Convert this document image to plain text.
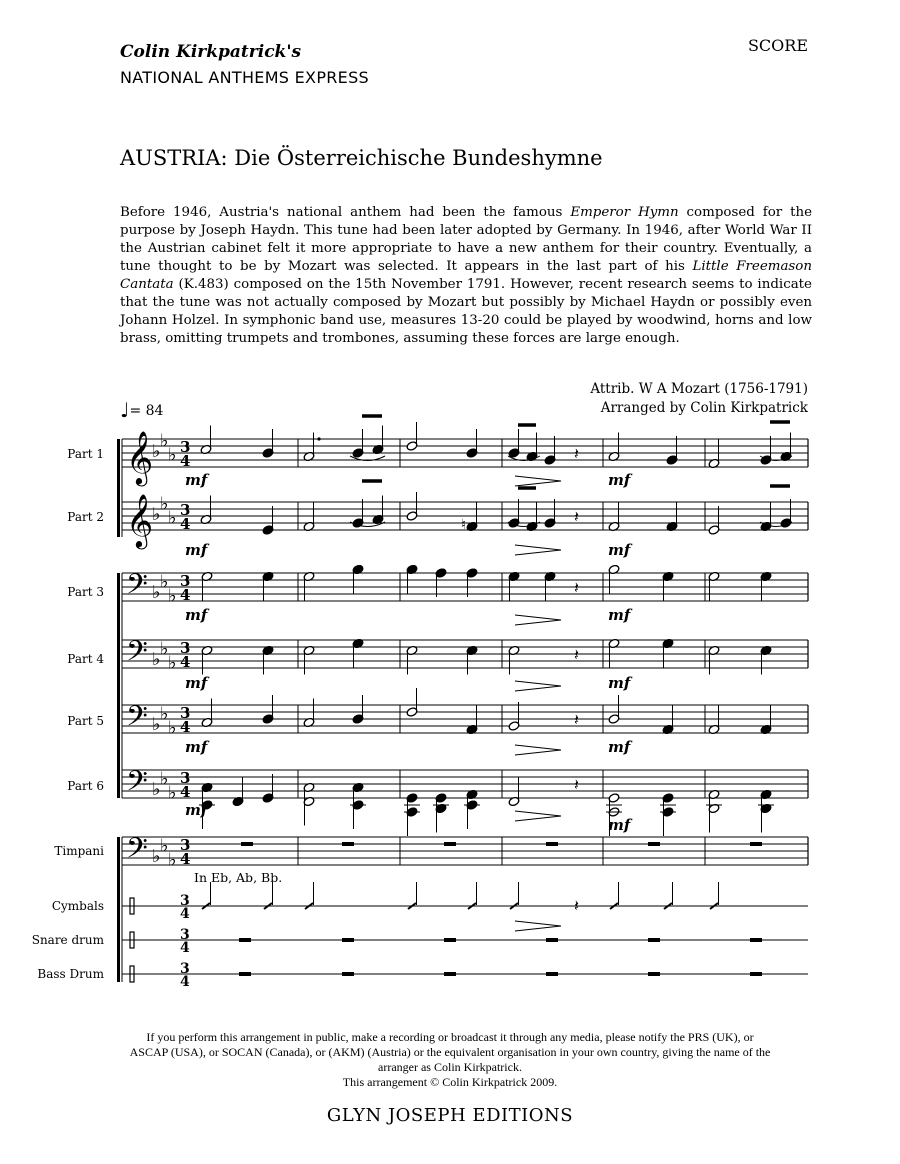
Colin Kirkpatrick's
NATIONAL ANTHEMS EXPRESS
SCORE
AUSTRIA: Die Österreichische Bundeshymne
Before 1946, Austria's national anthem had been the famous Emperor Hymn composed for the purpose by Joseph Haydn. This tune had been later adopted by Germany. In 1946, after World War II the Austrian cabinet felt it more appropriate to have a new anthem for their country. Eventually, a tune thought to be by Mozart was selected. It appears in the last part of his Little Freemason Cantata (K.483) composed on the 15th November 1791. However, recent research seems to indicate that the tune was not actually composed by Mozart but possibly by Michael Haydn or possibly even Johann Holzel. In symphonic band use, measures 13-20 could be played by woodwind, horns and low brass, omitting trumpets and trombones, assuming these forces are large enough.
Attrib. W A Mozart (1756-1791)
Arranged by Colin Kirkpatrick
♩= 84
Part 1
Part 2
Part 3
Part 4
Part 5
Part 6
Timpani
Cymbals
Snare drum
Bass Drum
In Eb, Ab, Bb.
𝄞
♭ ♭
♭ 3
4
𝄞
♭ ♭
♭ 3
4
𝄢 ♭ ♭
♭
3
4
𝄢 ♭ ♭
♭
3
4
𝄢 ♭ ♭
♭
3
4
𝄢 ♭ ♭
♭
3
4
𝄢 ♭ ♭
♭
3
4
3
4
3
4
3
4
𝄽
mf	mf
♮	𝄽
mf	mf
𝄽
mf	mf
𝄽
mf	mf
𝄽
mf	mf
𝄽
mf
mf
𝄽
If you perform this arrangement in public, make a recording or broadcast it through any media, please notify the PRS (UK), or
ASCAP (USA), or SOCAN (Canada), or (AKM) (Austria) or the equivalent organisation in your own country, giving the name of the
arranger as Colin Kirkpatrick.
This arrangement © Colin Kirkpatrick 2009.
GLYN JOSEPH EDITIONS
